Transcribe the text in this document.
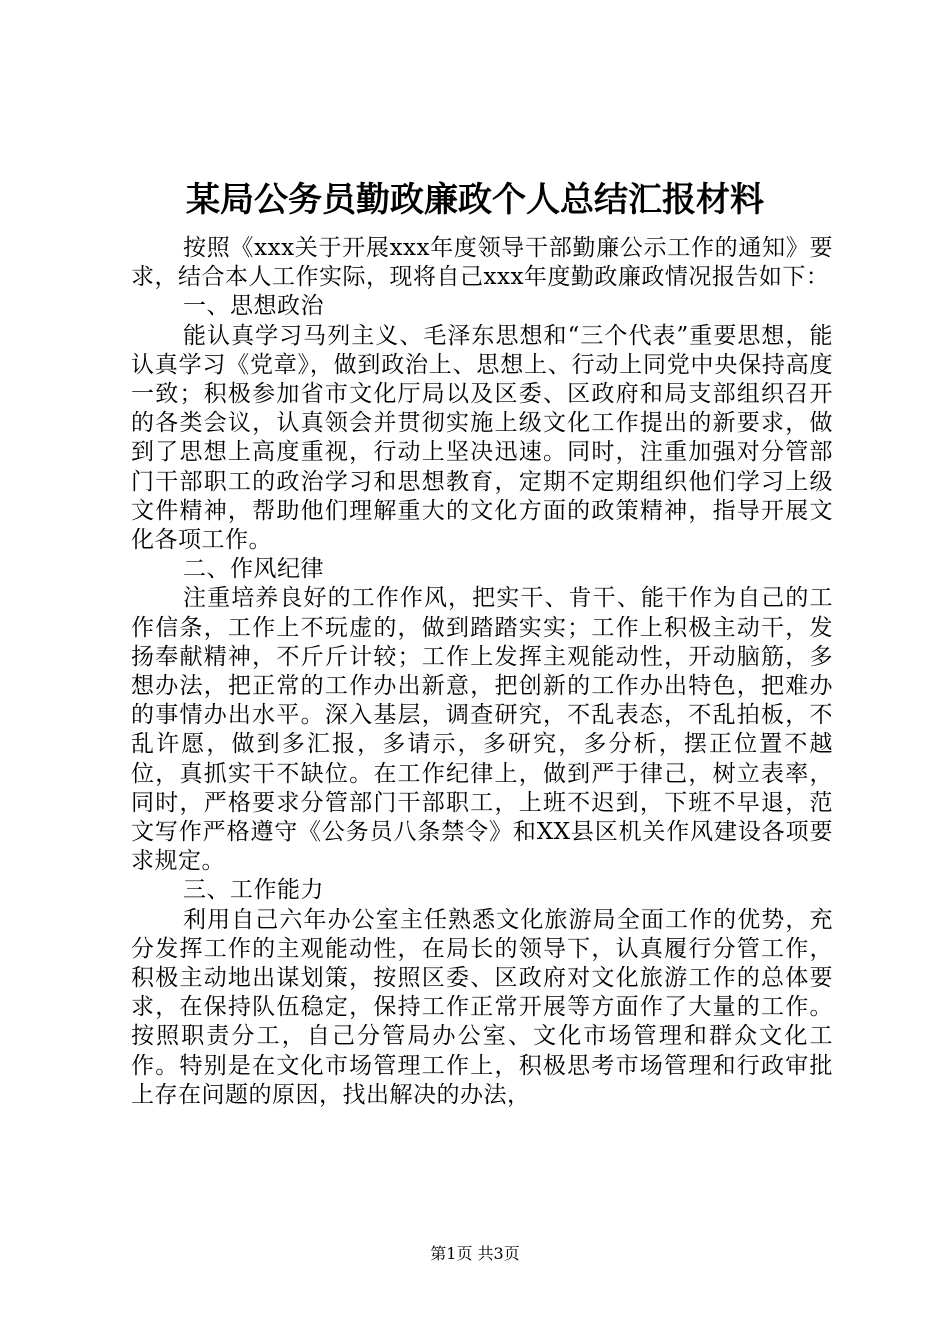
某局公务员勤政廉政个人总结汇报材料

按照《xxx关于开展xxx年度领导干部勤廉公示工作的通知》要求，结合本人工作实际，现将自己xxx年度勤政廉政情况报告如下：

一、思想政治

能认真学习马列主义、毛泽东思想和“三个代表”重要思想，能认真学习《党章》，做到政治上、思想上、行动上同党中央保持高度一致；积极参加省市文化厅局以及区委、区政府和局支部组织召开的各类会议，认真领会并贯彻实施上级文化工作提出的新要求，做到了思想上高度重视，行动上坚决迅速。同时，注重加强对分管部门干部职工的政治学习和思想教育，定期不定期组织他们学习上级文件精神，帮助他们理解重大的文化方面的政策精神，指导开展文化各项工作。

二、作风纪律

注重培养良好的工作作风，把实干、肯干、能干作为自己的工作信条，工作上不玩虚的，做到踏踏实实；工作上积极主动干，发扬奉献精神，不斤斤计较；工作上发挥主观能动性，开动脑筋，多想办法，把正常的工作办出新意，把创新的工作办出特色，把难办的事情办出水平。深入基层，调查研究，不乱表态，不乱拍板，不乱许愿，做到多汇报，多请示，多研究，多分析，摆正位置不越位，真抓实干不缺位。在工作纪律上，做到严于律己，树立表率，同时，严格要求分管部门干部职工，上班不迟到，下班不早退，范文写作严格遵守《公务员八条禁令》和XX县区机关作风建设各项要求规定。

三、工作能力

利用自己六年办公室主任熟悉文化旅游局全面工作的优势，充分发挥工作的主观能动性，在局长的领导下，认真履行分管工作，积极主动地出谋划策，按照区委、区政府对文化旅游工作的总体要求，在保持队伍稳定，保持工作正常开展等方面作了大量的工作。按照职责分工，自己分管局办公室、文化市场管理和群众文化工作。特别是在文化市场管理工作上，积极思考市场管理和行政审批上存在问题的原因，找出解决的办法，

第1页 共3页
